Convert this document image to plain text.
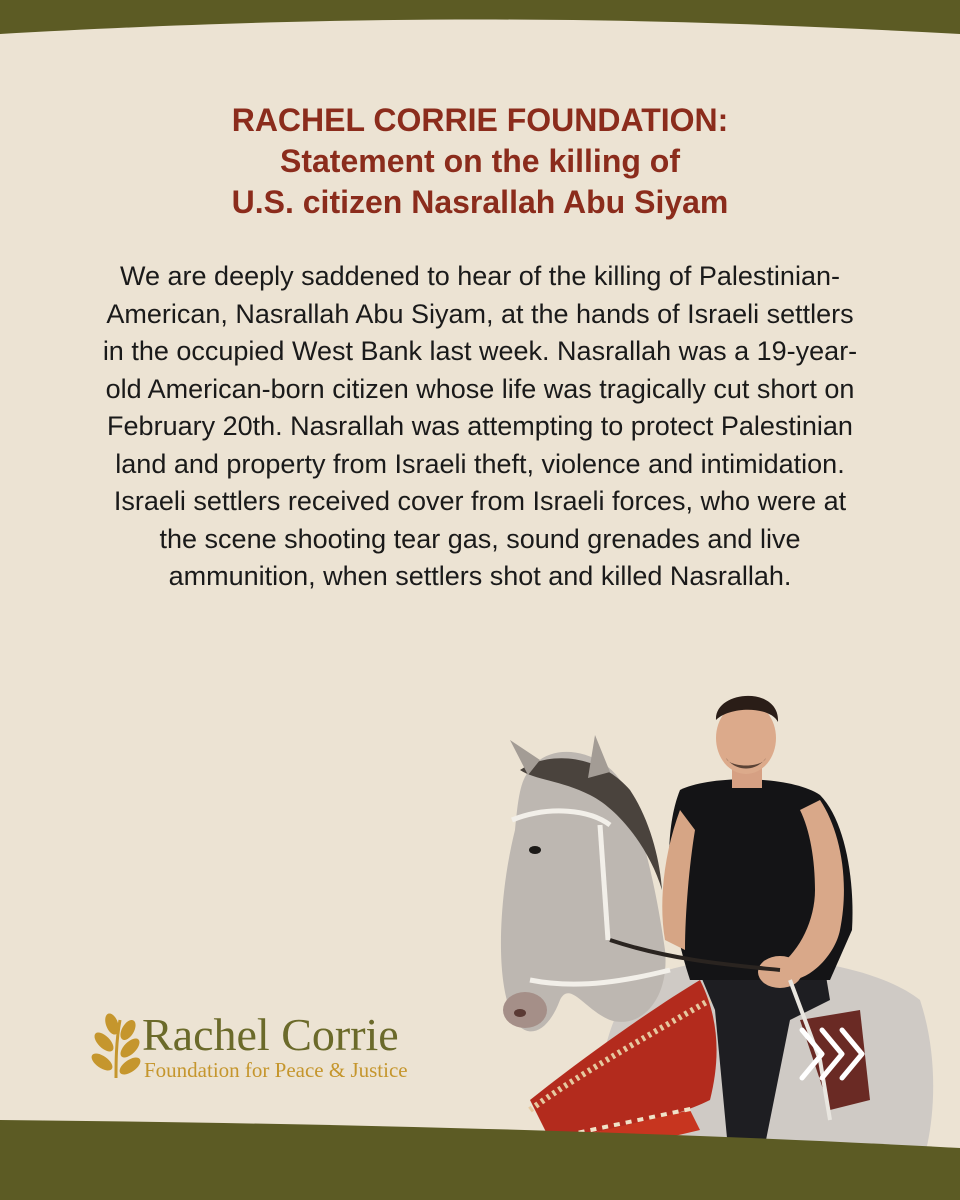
RACHEL CORRIE FOUNDATION:
Statement on the killing of
U.S. citizen Nasrallah Abu Siyam
We are deeply saddened to hear of the killing of Palestinian-American, Nasrallah Abu Siyam, at the hands of Israeli settlers in the occupied West Bank last week. Nasrallah was a 19-year-old American-born citizen whose life was tragically cut short on February 20th. Nasrallah was attempting to protect Palestinian land and property from Israeli theft, violence and intimidation. Israeli settlers received cover from Israeli forces, who were at the scene shooting tear gas, sound grenades and live ammunition, when settlers shot and killed Nasrallah.
Rachel Corrie
Foundation for Peace & Justice
